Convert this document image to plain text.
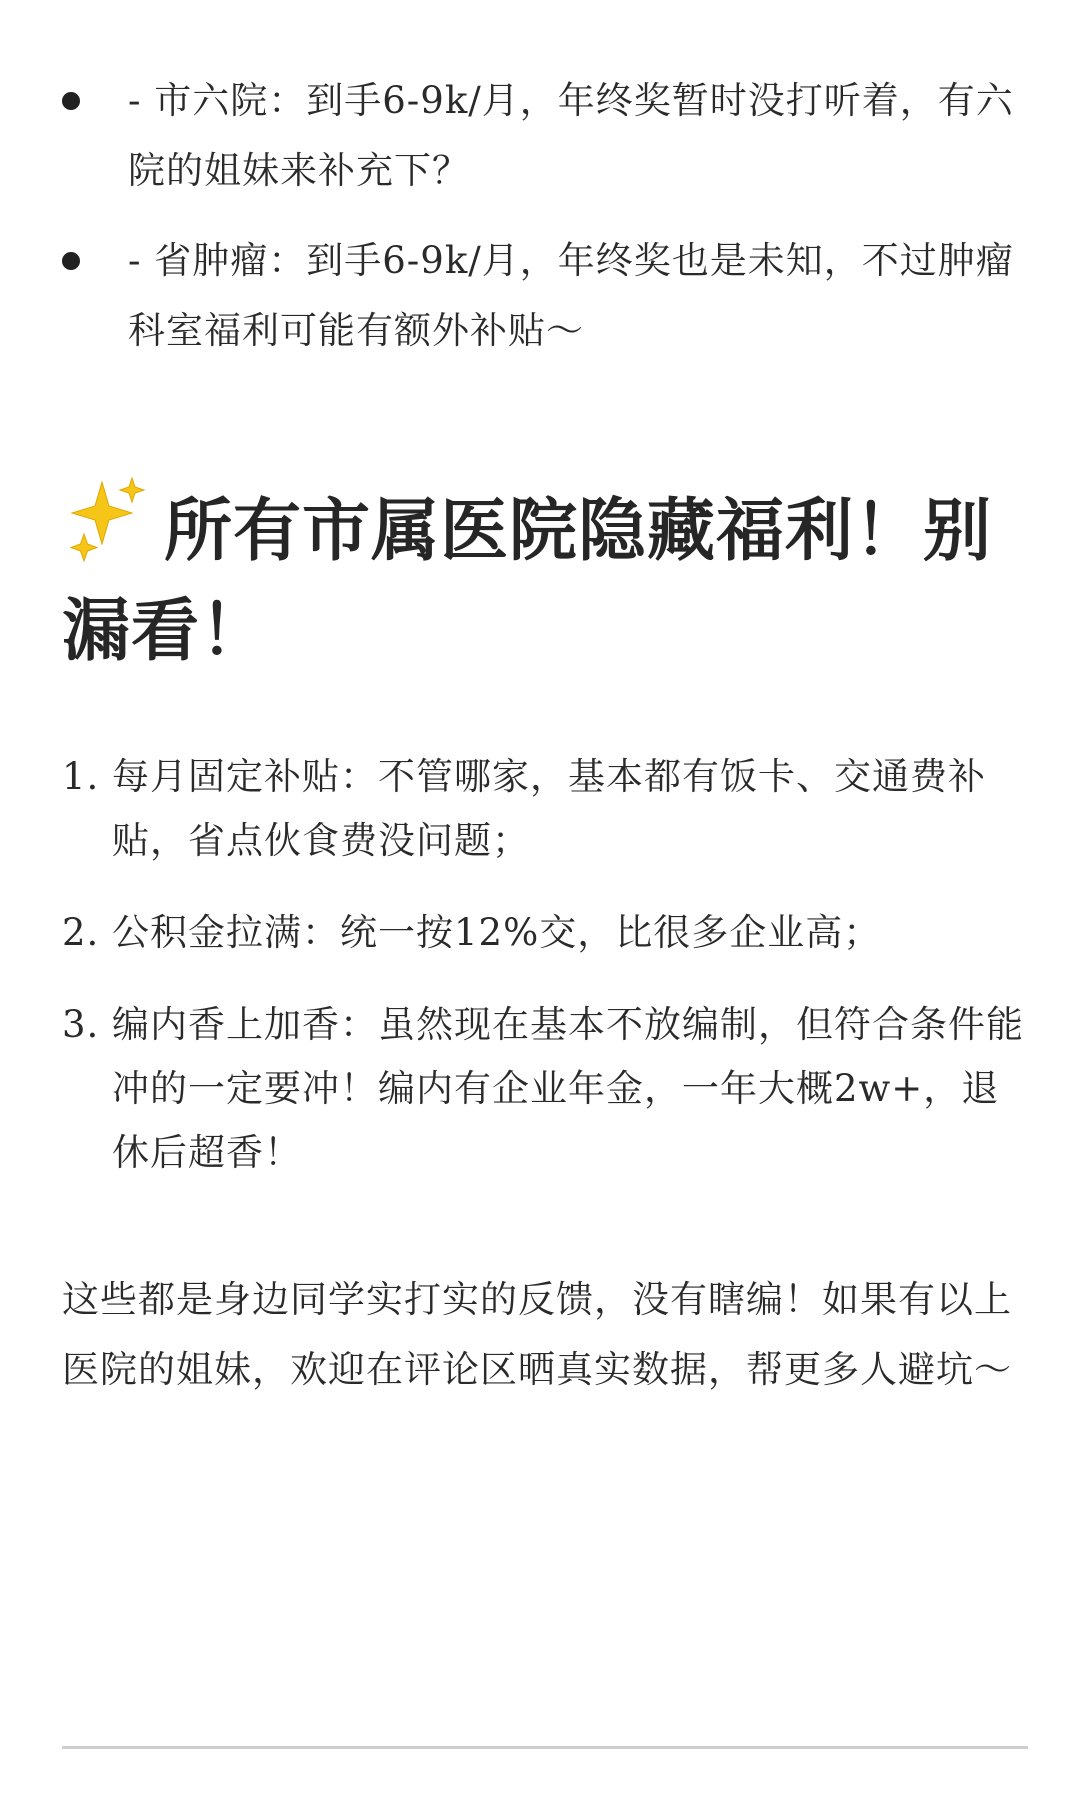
- 市六院：到手6-9k/月，年终奖暂时没打听着，有六院的姐妹来补充下？
- 省肿瘤：到手6-9k/月，年终奖也是未知，不过肿瘤科室福利可能有额外补贴～
所有市属医院隐藏福利！别漏看！
1. 每月固定补贴：不管哪家，基本都有饭卡、交通费补贴，省点伙食费没问题；
2. 公积金拉满：统一按12%交，比很多企业高；
3. 编内香上加香：虽然现在基本不放编制，但符合条件能冲的一定要冲！编内有企业年金，一年大概2w+，退休后超香！

这些都是身边同学实打实的反馈，没有瞎编！如果有以上医院的姐妹，欢迎在评论区晒真实数据，帮更多人避坑～
